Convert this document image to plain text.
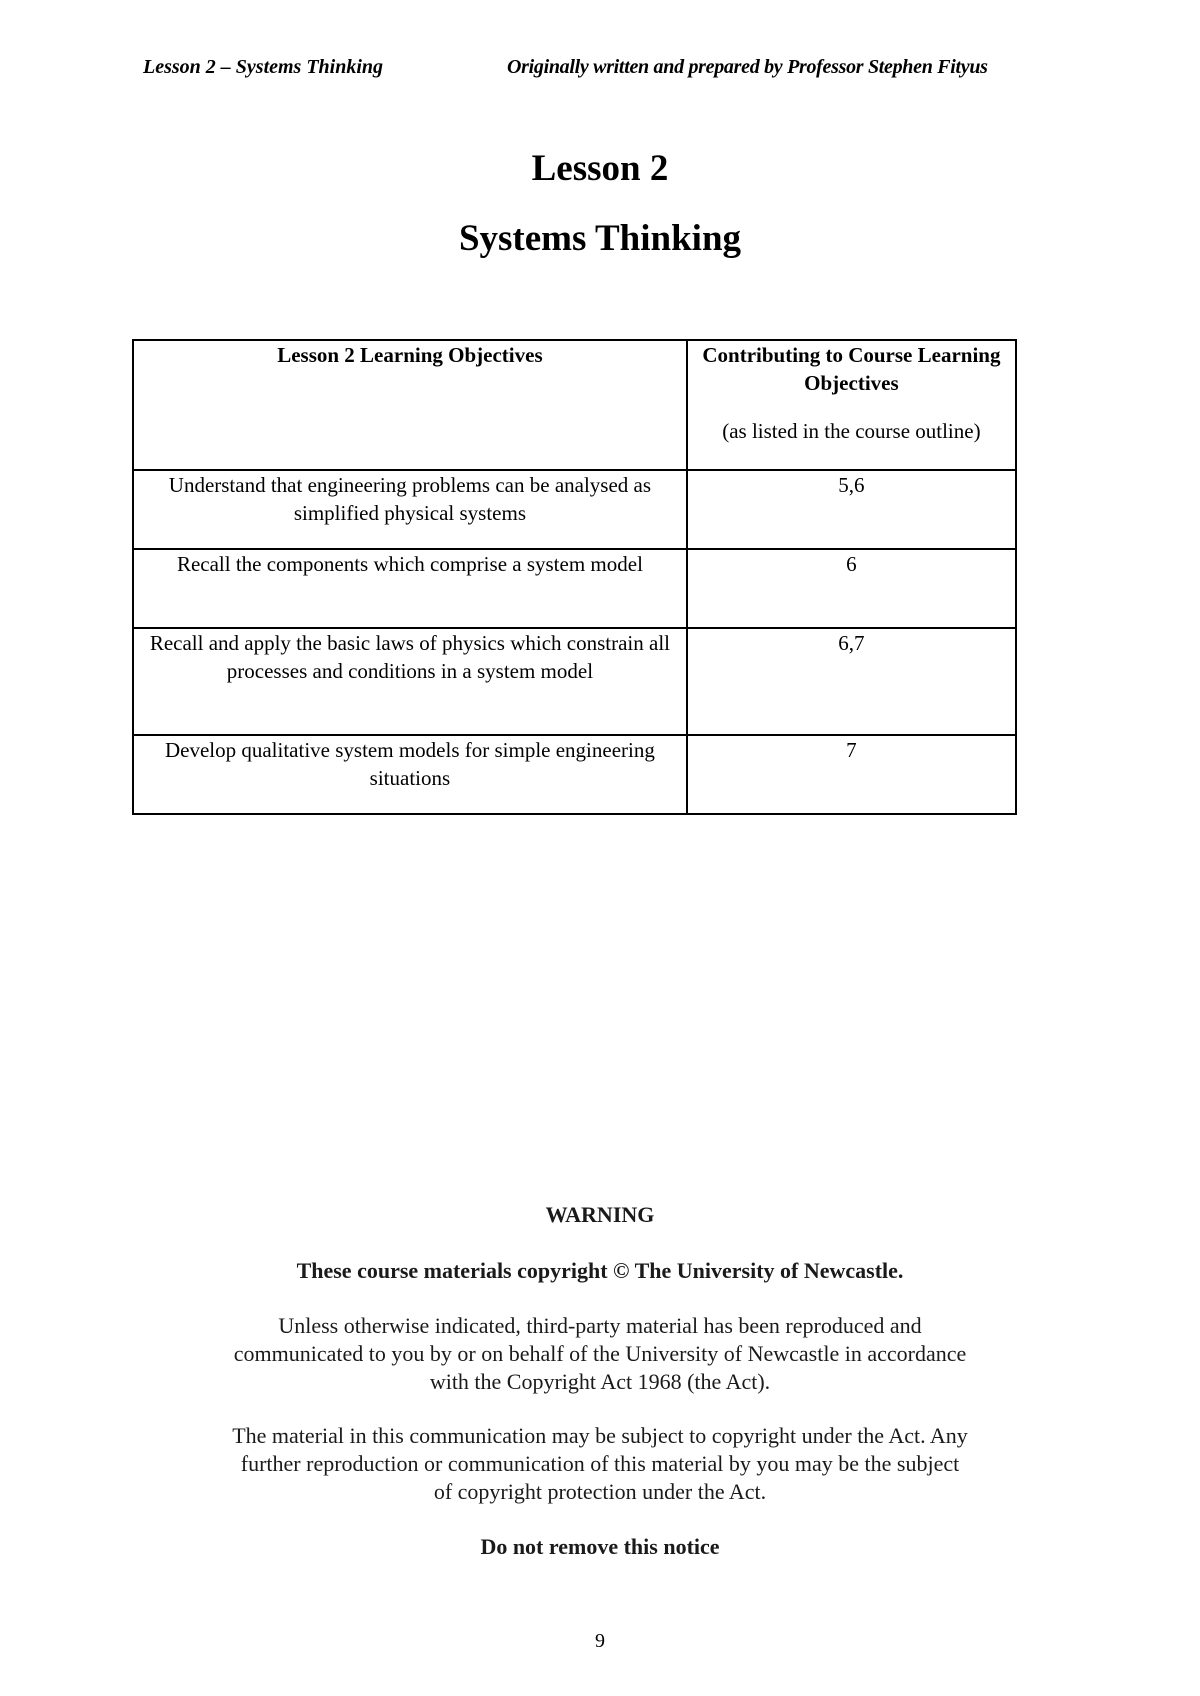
Lesson 2 – Systems Thinking	Originally written and prepared by Professor Stephen Fityus
Lesson 2
Systems Thinking
Lesson 2 Learning Objectives	Contributing to Course Learning Objectives
(as listed in the course outline)

Understand that engineering problems can be analysed as simplified physical systems	5,6
Recall the components which comprise a system model	6
Recall and apply the basic laws of physics which constrain all processes and conditions in a system model	6,7
Develop qualitative system models for simple engineering situations	7
WARNING
These course materials copyright © The University of Newcastle.
Unless otherwise indicated, third-party material has been reproduced and communicated to you by or on behalf of the University of Newcastle in accordance with the Copyright Act 1968 (the Act).
The material in this communication may be subject to copyright under the Act. Any further reproduction or communication of this material by you may be the subject of copyright protection under the Act.
Do not remove this notice
9
